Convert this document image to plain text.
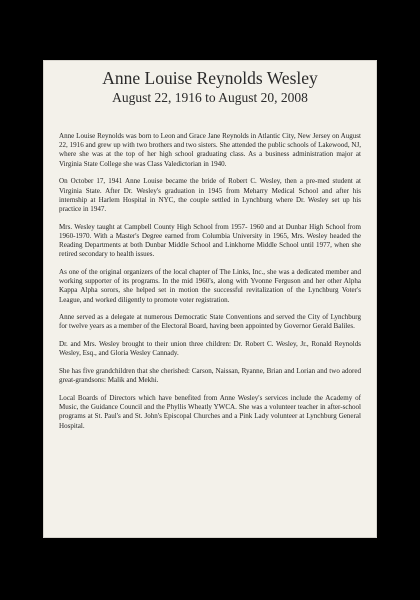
Anne Louise Reynolds Wesley
August 22, 1916 to August 20, 2008

Anne Louise Reynolds was born to Leon and Grace Jane Reynolds in Atlantic City, New Jersey on August 22, 1916 and grew up with two brothers and two sisters. She attended the public schools of Lakewood, NJ, where she was at the top of her high school graduating class. As a business administration major at Virginia State College she was Class Valedictorian in 1940.

On October 17, 1941 Anne Louise became the bride of Robert C. Wesley, then a pre-med student at Virginia State. After Dr. Wesley's graduation in 1945 from Meharry Medical School and after his internship at Harlem Hospital in NYC, the couple settled in Lynchburg where Dr. Wesley set up his practice in 1947.

Mrs. Wesley taught at Campbell County High School from 1957- 1960 and at Dunbar High School from 1960-1970. With a Master's Degree earned from Columbia University in 1965, Mrs. Wesley headed the Reading Departments at both Dunbar Middle School and Linkhorne Middle School until 1977, when she retired secondary to health issues.

As one of the original organizers of the local chapter of The Links, Inc., she was a dedicated member and working supporter of its programs. In the mid 1960's, along with Yvonne Ferguson and her other Alpha Kappa Alpha sorors, she helped set in motion the successful revitalization of the Lynchburg Voter's League, and worked diligently to promote voter registration.

Anne served as a delegate at numerous Democratic State Conventions and served the City of Lynchburg for twelve years as a member of the Electoral Board, having been appointed by Governor Gerald Baliles.

Dr. and Mrs. Wesley brought to their union three children: Dr. Robert C. Wesley, Jr., Ronald Reynolds Wesley, Esq., and Gloria Wesley Cannady.

She has five grandchildren that she cherished: Carson, Naissan, Ryanne, Brian and Lorian and two adored great-grandsons: Malik and Mekhi.

Local Boards of Directors which have benefited from Anne Wesley's services include the Academy of Music, the Guidance Council and the Phyllis Wheatly YWCA. She was a volunteer teacher in after-school programs at St. Paul's and St. John's Episcopal Churches and a Pink Lady volunteer at Lynchburg General Hospital.
